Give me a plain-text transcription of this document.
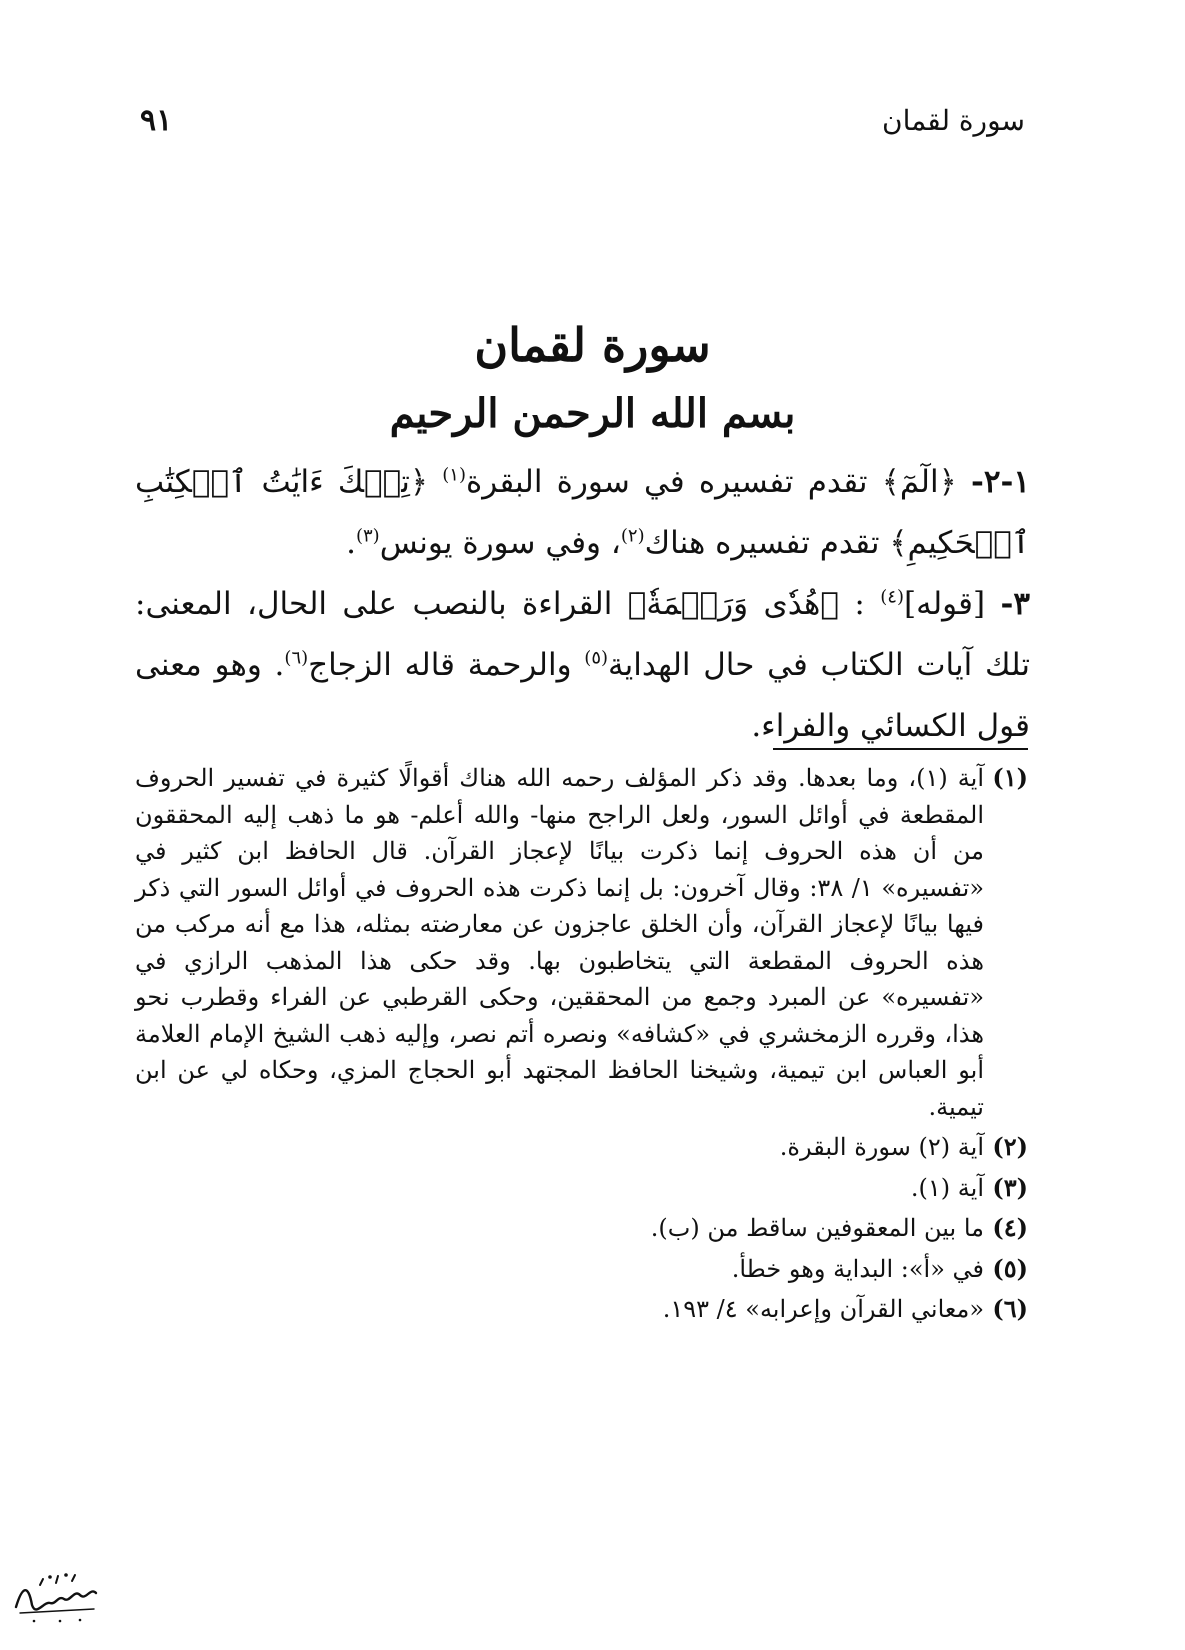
سورة لقمان
٩١
سورة لقمان
بسم الله الرحمن الرحيم

١-٢- ﴿الٓمٓ﴾ تقدم تفسيره في سورة البقرة$^{(١)}$ ﴿تِلۡكَ ءَايَٰتُ ٱلۡكِتَٰبِ ٱلۡحَكِيمِ﴾ تقدم تفسيره هناك$^{(٢)}$، وفي سورة يونس$^{(٣)}$.

٣- [قوله]$^{(٤)}$ : ﴿هُدٗى وَرَحۡمَةٗ﴾ القراءة بالنصب على الحال، المعنى: تلك آيات الكتاب في حال الهداية$^{(٥)}$ والرحمة قاله الزجاج$^{(٦)}$. وهو معنى قول الكسائي والفراء.

(١)
آية (١)، وما بعدها. وقد ذكر المؤلف رحمه الله هناك أقوالًا كثيرة في تفسير الحروف المقطعة في أوائل السور، ولعل الراجح منها- والله أعلم- هو ما ذهب إليه المحققون من أن هذه الحروف إنما ذكرت بيانًا لإعجاز القرآن. قال الحافظ ابن كثير في «تفسيره» ١/ ٣٨: وقال آخرون: بل إنما ذكرت هذه الحروف في أوائل السور التي ذكر فيها بيانًا لإعجاز القرآن، وأن الخلق عاجزون عن معارضته بمثله، هذا مع أنه مركب من هذه الحروف المقطعة التي يتخاطبون بها. وقد حكى هذا المذهب الرازي في «تفسيره» عن المبرد وجمع من المحققين، وحكى القرطبي عن الفراء وقطرب نحو هذا، وقرره الزمخشري في «كشافه» ونصره أتم نصر، وإليه ذهب الشيخ الإمام العلامة أبو العباس ابن تيمية، وشيخنا الحافظ المجتهد أبو الحجاج المزي، وحكاه لي عن ابن تيمية.
(٢)
آية (٢) سورة البقرة.
(٣)
آية (١).
(٤)
ما بين المعقوفين ساقط من (ب).
(٥)
في «أ»: البداية وهو خطأ.
(٦)
«معاني القرآن وإعرابه» ٤/ ١٩٣.
